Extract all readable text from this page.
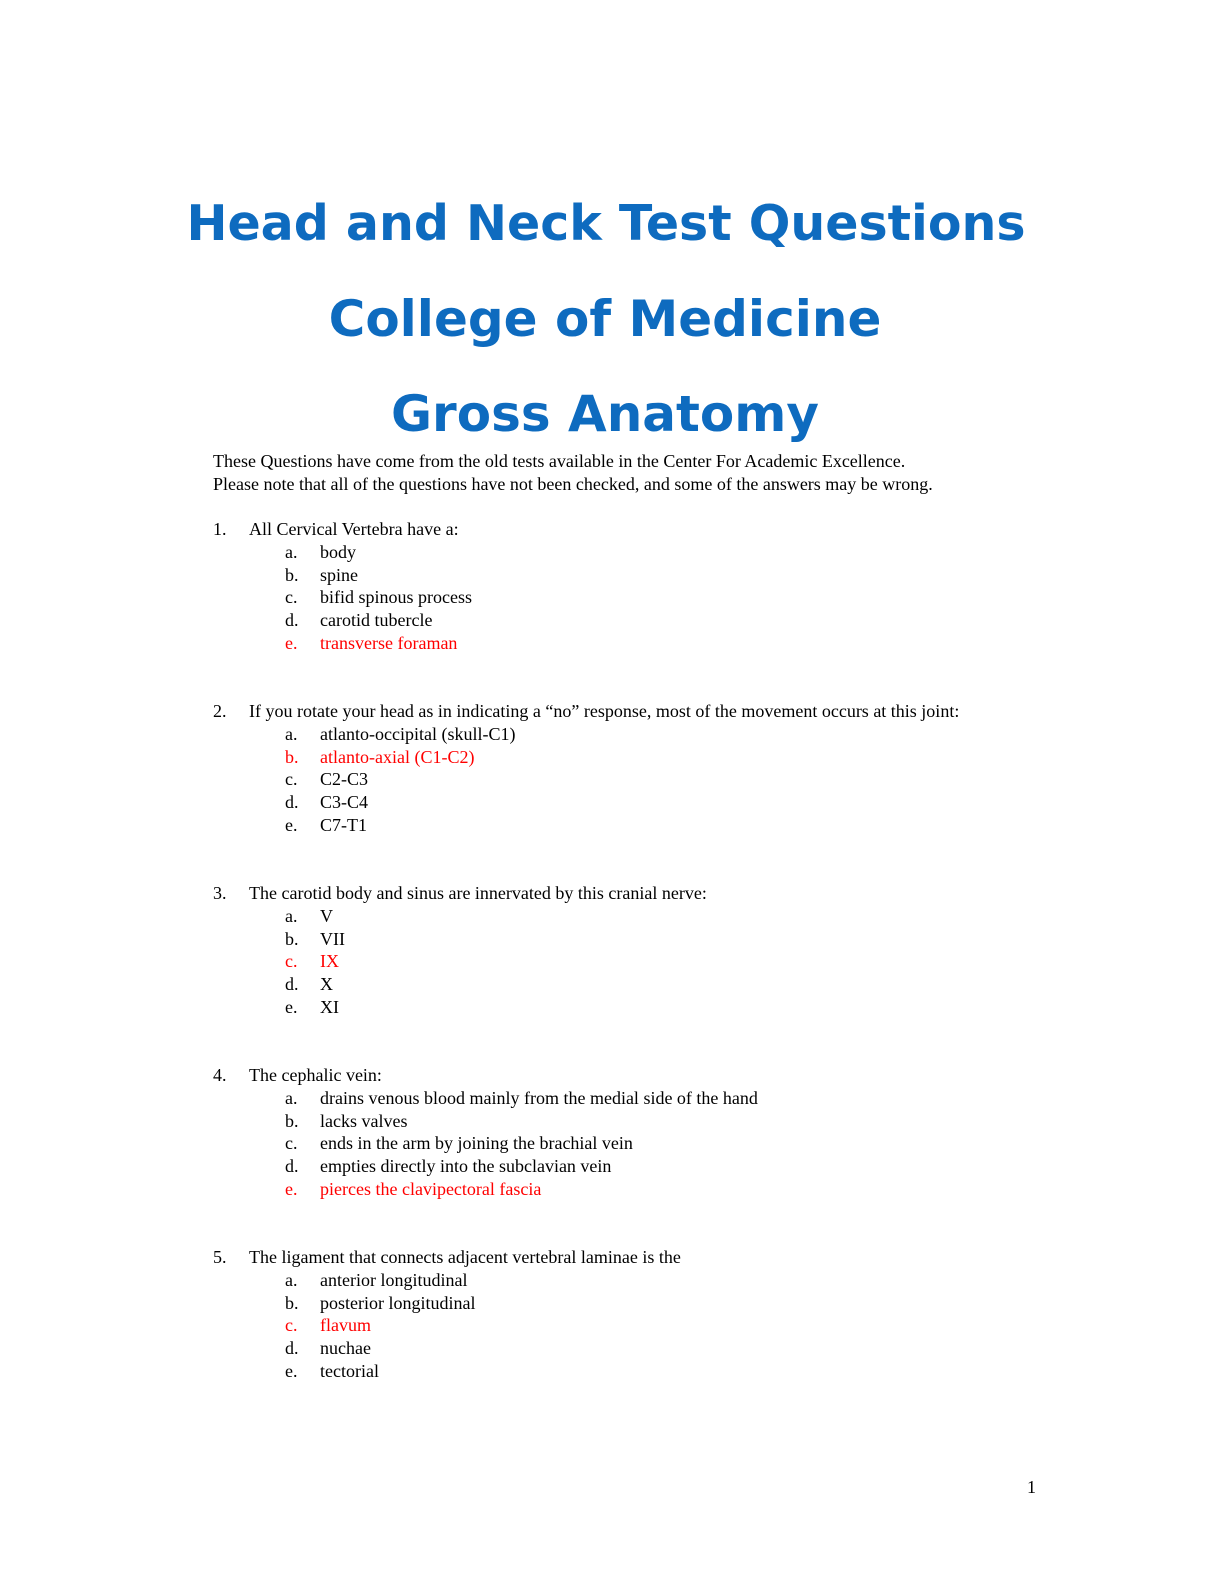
Head and Neck Test Questions
College of Medicine
Gross Anatomy

These Questions have come from the old tests available in the Center For Academic Excellence.

Please note that all of the questions have not been checked, and some of the answers may be wrong.

1. All Cervical Vertebra have a:
a. body
b. spine
c. bifid spinous process
d. carotid tubercle
e. transverse foraman
2. If you rotate your head as in indicating a “no” response, most of the movement occurs at this joint:
a. atlanto-occipital (skull-C1)
b. atlanto-axial (C1-C2)
c. C2-C3
d. C3-C4
e. C7-T1
3. The carotid body and sinus are innervated by this cranial nerve:
a. V
b. VII
c. IX
d. X
e. XI
4. The cephalic vein:
a. drains venous blood mainly from the medial side of the hand
b. lacks valves
c. ends in the arm by joining the brachial vein
d. empties directly into the subclavian vein
e. pierces the clavipectoral fascia
5. The ligament that connects adjacent vertebral laminae is the
a. anterior longitudinal
b. posterior longitudinal
c. flavum
d. nuchae
e. tectorial
1
